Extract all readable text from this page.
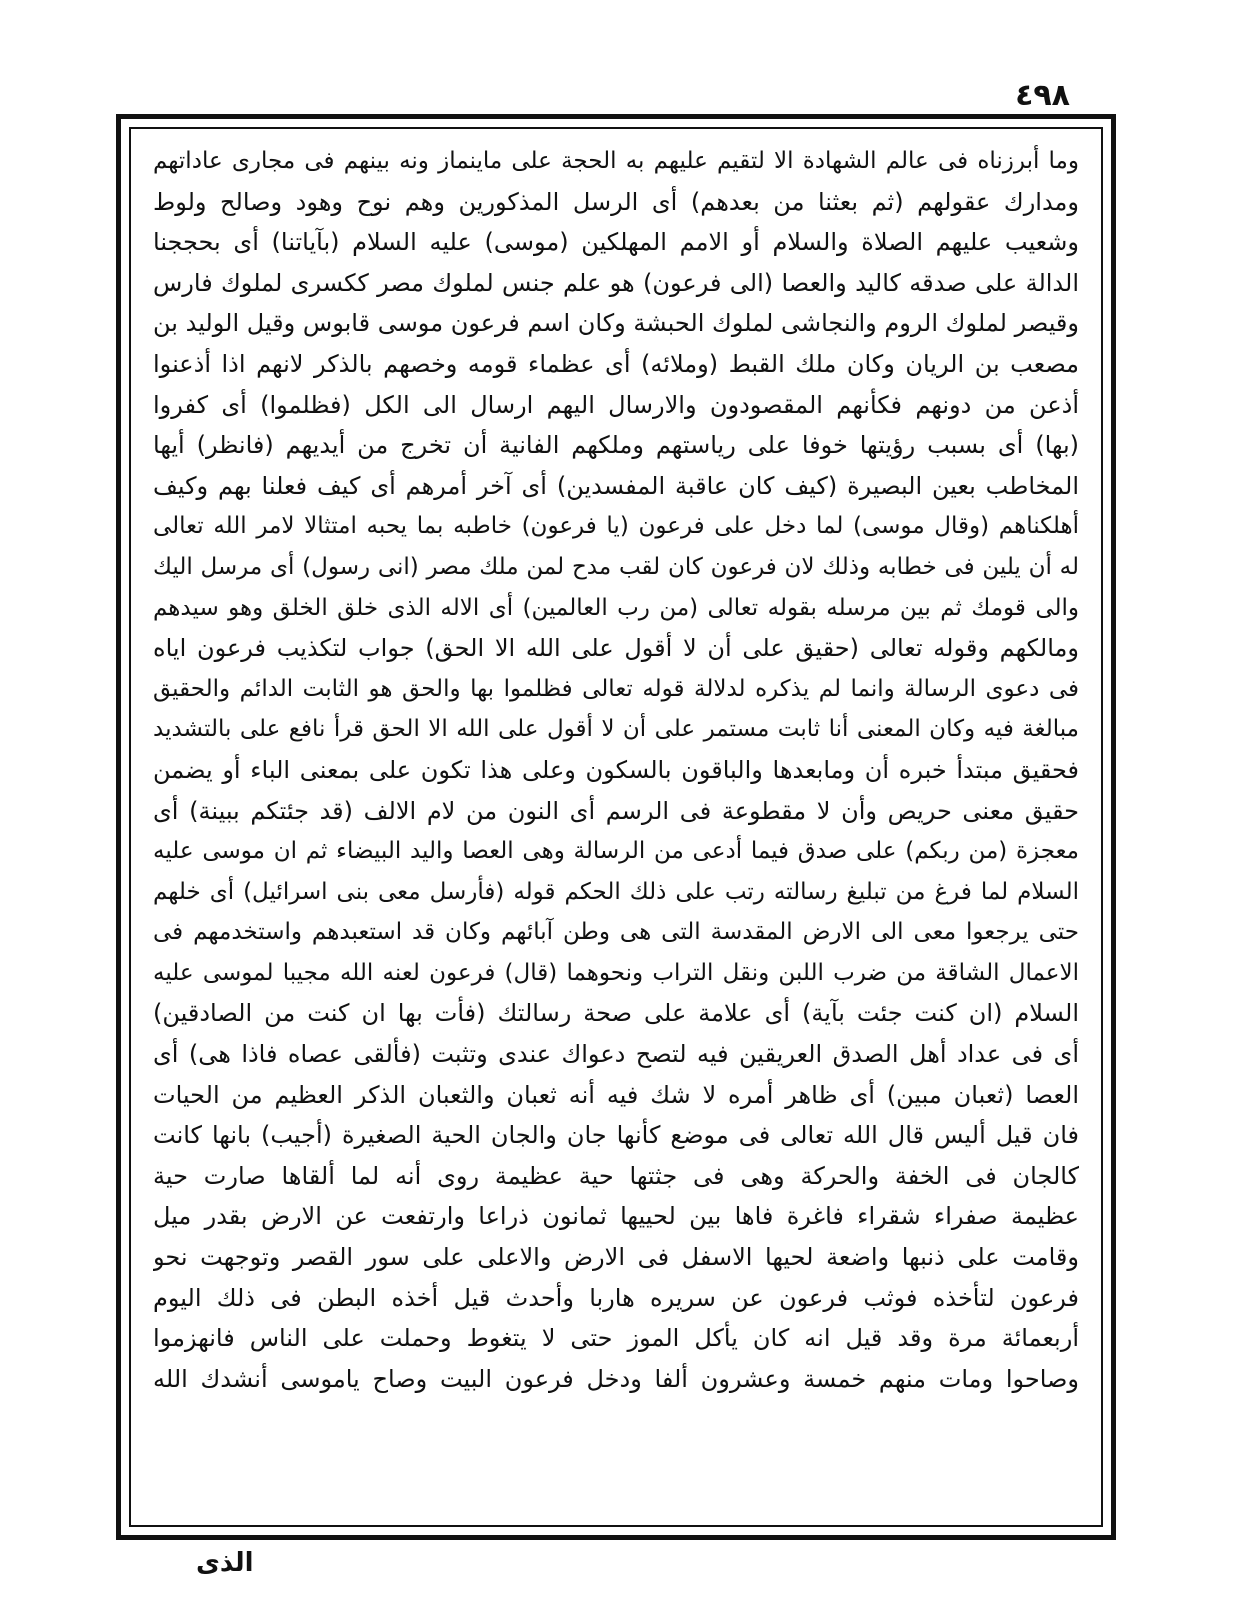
٤٩٨
وما أبرزناه فى عالم الشهادة الا لتقيم عليهم به الحجة على ماينماز ونه بينهم فى مجارى عاداتهم
ومدارك عقولهم (ثم بعثنا من بعدهم) أى الرسل المذكورين وهم نوح وهود وصالح ولوط
وشعيب عليهم الصلاة والسلام أو الامم المهلكين (موسى) عليه السلام (بآياتنا) أى بحججنا
الدالة على صدقه كاليد والعصا (الى فرعون) هو علم جنس لملوك مصر ككسرى لملوك فارس
وقيصر لملوك الروم والنجاشى لملوك الحبشة وكان اسم فرعون موسى قابوس وقيل الوليد بن
مصعب بن الريان وكان ملك القبط (وملائه) أى عظماء قومه وخصهم بالذكر لانهم اذا أذعنوا
أذعن من دونهم فكأنهم المقصودون والارسال اليهم ارسال الى الكل (فظلموا) أى كفروا
(بها) أى بسبب رؤيتها خوفا على رياستهم وملكهم الفانية أن تخرج من أيديهم (فانظر) أيها
المخاطب بعين البصيرة (كيف كان عاقبة المفسدين) أى آخر أمرهم أى كيف فعلنا بهم وكيف
أهلكناهم (وقال موسى) لما دخل على فرعون (يا فرعون) خاطبه بما يحبه امتثالا لامر الله تعالى
له أن يلين فى خطابه وذلك لان فرعون كان لقب مدح لمن ملك مصر (انى رسول) أى مرسل اليك
والى قومك ثم بين مرسله بقوله تعالى (من رب العالمين) أى الاله الذى خلق الخلق وهو سيدهم
ومالكهم وقوله تعالى (حقيق على أن لا أقول على الله الا الحق) جواب لتكذيب فرعون اياه
فى دعوى الرسالة وانما لم يذكره لدلالة قوله تعالى فظلموا بها والحق هو الثابت الدائم والحقيق
مبالغة فيه وكان المعنى أنا ثابت مستمر على أن لا أقول على الله الا الحق قرأ نافع على بالتشديد
فحقيق مبتدأ خبره أن ومابعدها والباقون بالسكون وعلى هذا تكون على بمعنى الباء أو يضمن
حقيق معنى حريص وأن لا مقطوعة فى الرسم أى النون من لام الالف (قد جئتكم ببينة) أى
معجزة (من ربكم) على صدق فيما أدعى من الرسالة وهى العصا واليد البيضاء ثم ان موسى عليه
السلام لما فرغ من تبليغ رسالته رتب على ذلك الحكم قوله (فأرسل معى بنى اسرائيل) أى خلهم
حتى يرجعوا معى الى الارض المقدسة التى هى وطن آبائهم وكان قد استعبدهم واستخدمهم فى
الاعمال الشاقة من ضرب اللبن ونقل التراب ونحوهما (قال) فرعون لعنه الله مجيبا لموسى عليه
السلام (ان كنت جئت بآية) أى علامة على صحة رسالتك (فأت بها ان كنت من الصادقين)
أى فى عداد أهل الصدق العريقين فيه لتصح دعواك عندى وتثبت (فألقى عصاه فاذا هى) أى
العصا (ثعبان مبين) أى ظاهر أمره لا شك فيه أنه ثعبان والثعبان الذكر العظيم من الحيات
فان قيل أليس قال الله تعالى فى موضع كأنها جان والجان الحية الصغيرة (أجيب) بانها كانت
كالجان فى الخفة والحركة وهى فى جثتها حية عظيمة روى أنه لما ألقاها صارت حية
عظيمة صفراء شقراء فاغرة فاها بين لحييها ثمانون ذراعا وارتفعت عن الارض بقدر ميل
وقامت على ذنبها واضعة لحيها الاسفل فى الارض والاعلى على سور القصر وتوجهت نحو
فرعون لتأخذه فوثب فرعون عن سريره هاربا وأحدث قيل أخذه البطن فى ذلك اليوم
أربعمائة مرة وقد قيل انه كان يأكل الموز حتى لا يتغوط وحملت على الناس فانهزموا
وصاحوا ومات منهم خمسة وعشرون ألفا ودخل فرعون البيت وصاح ياموسى أنشدك الله
الذى
